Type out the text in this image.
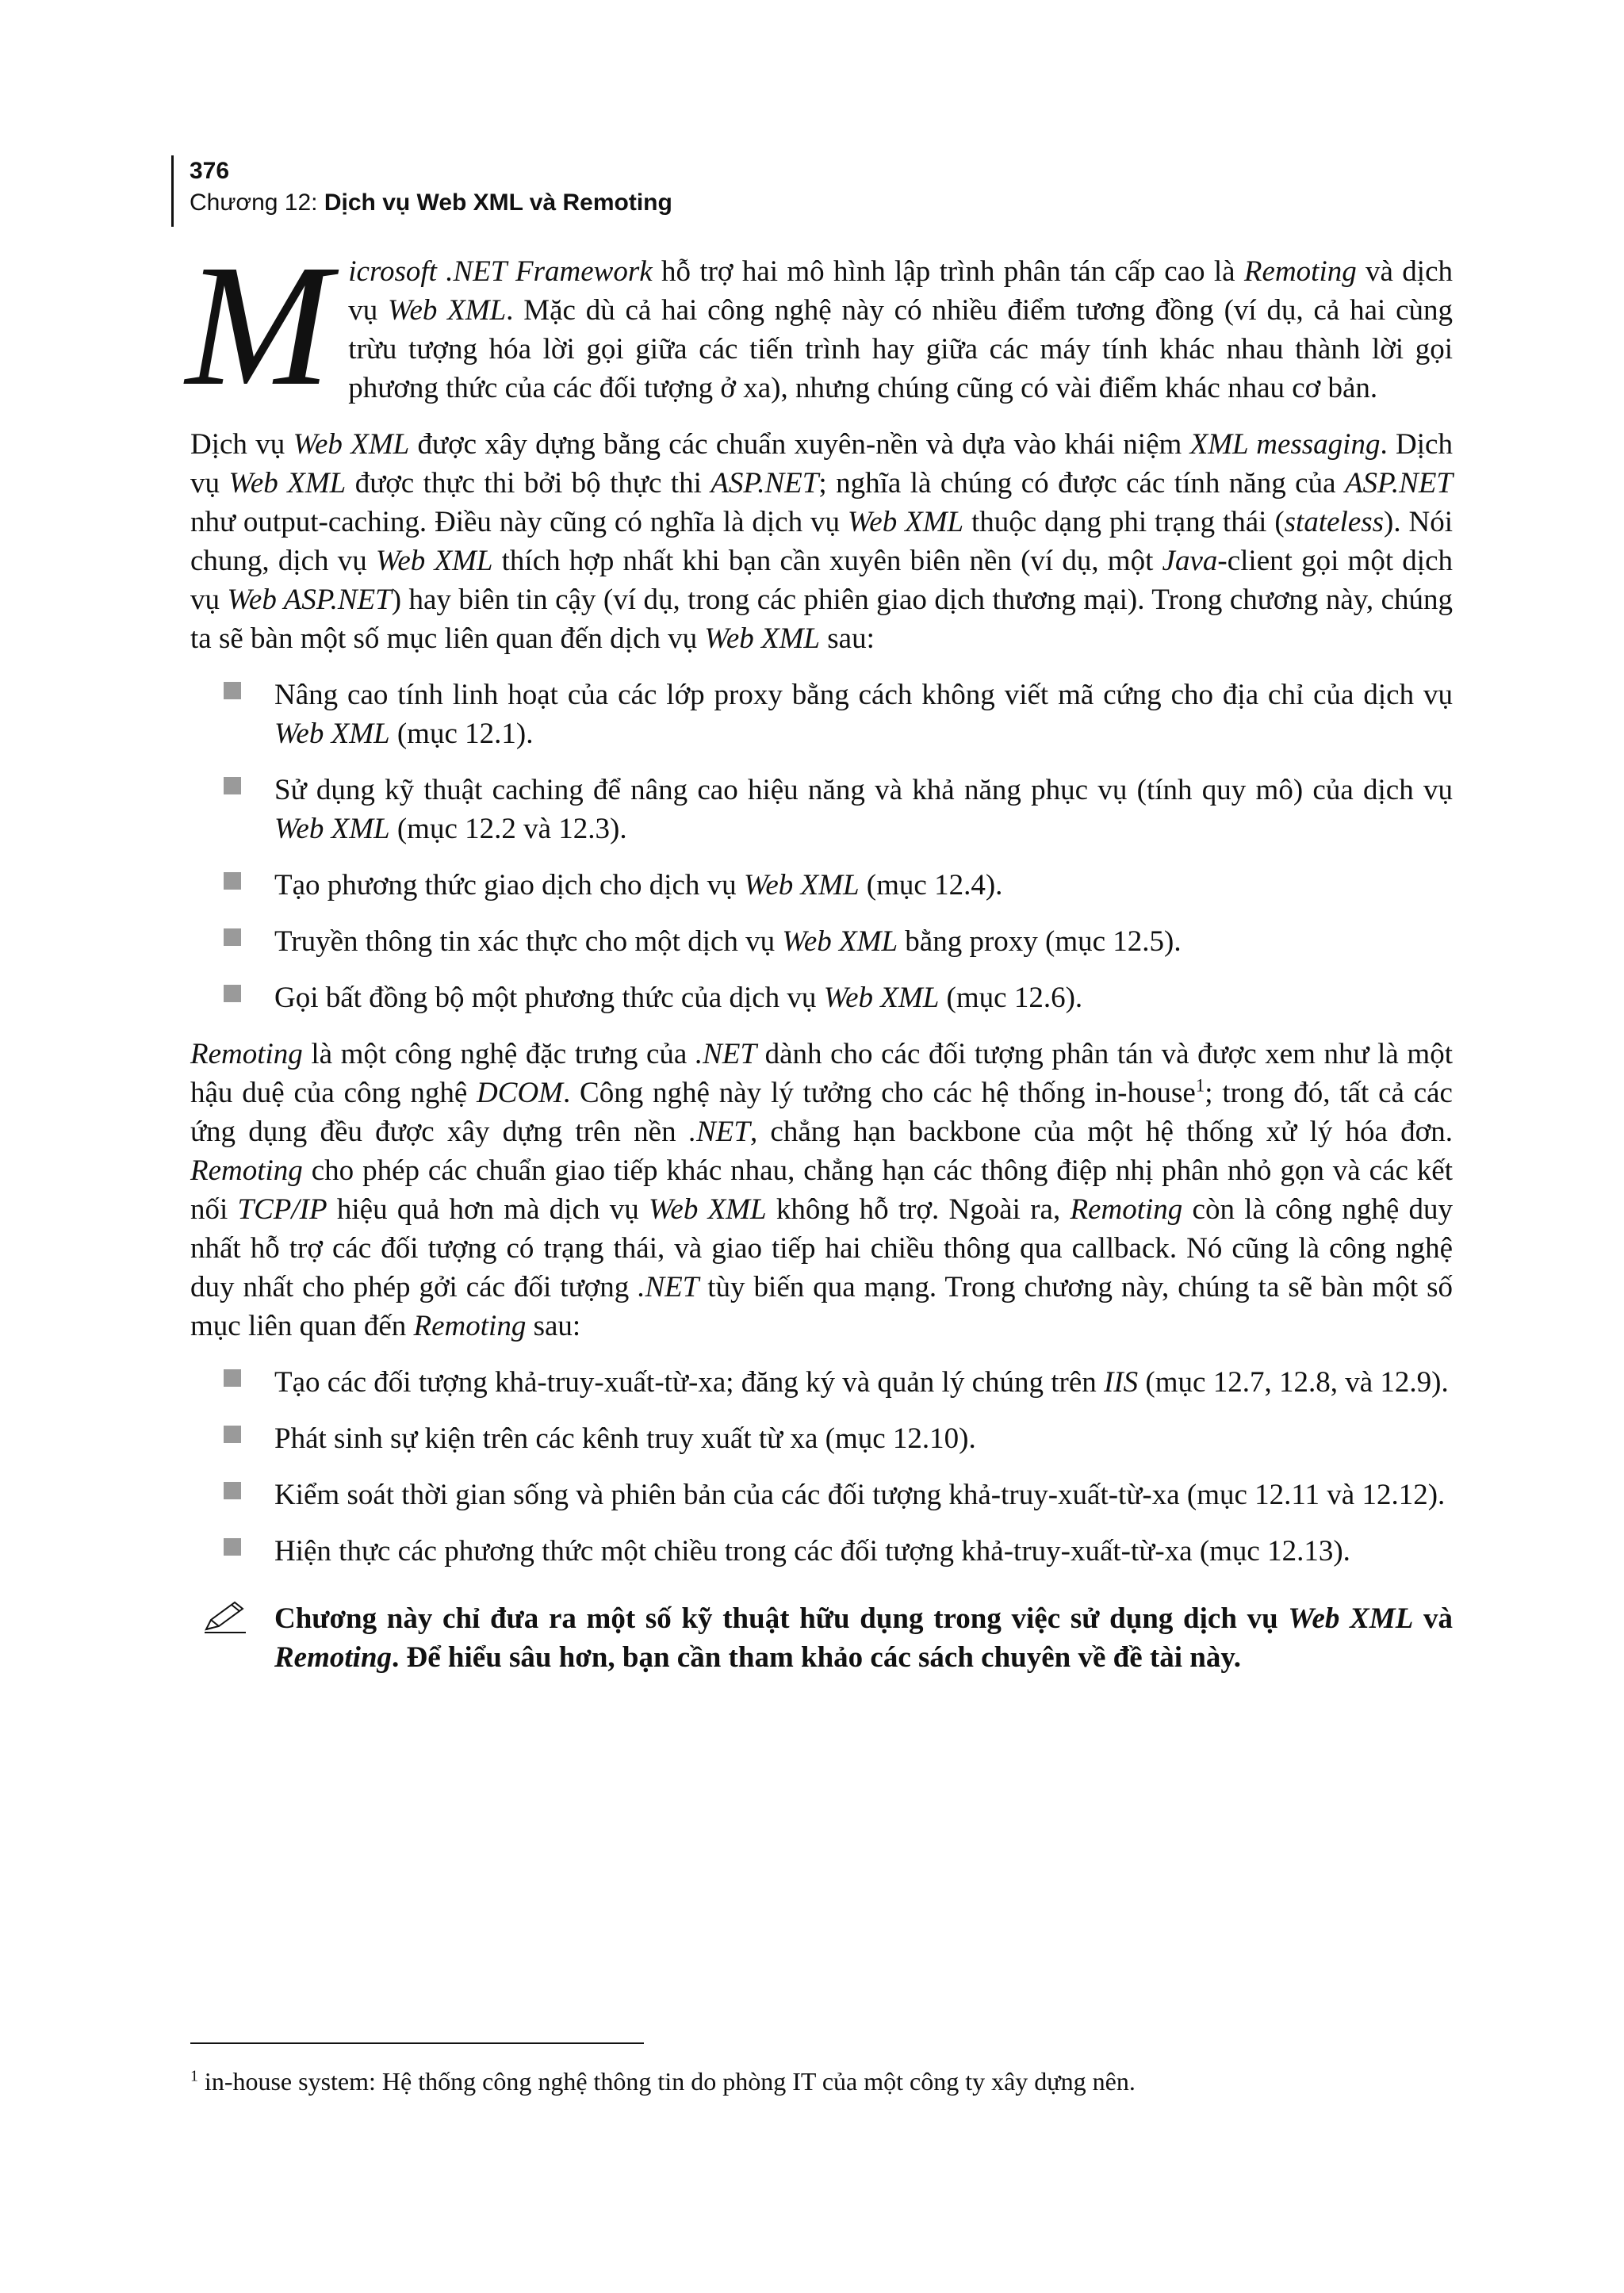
376
Chương 12: Dịch vụ Web XML và Remoting

Microsoft .NET Framework hỗ trợ hai mô hình lập trình phân tán cấp cao là Remoting và dịch vụ Web XML. Mặc dù cả hai công nghệ này có nhiều điểm tương đồng (ví dụ, cả hai cùng trừu tượng hóa lời gọi giữa các tiến trình hay giữa các máy tính khác nhau thành lời gọi phương thức của các đối tượng ở xa), nhưng chúng cũng có vài điểm khác nhau cơ bản.

Dịch vụ Web XML được xây dựng bằng các chuẩn xuyên-nền và dựa vào khái niệm XML messaging. Dịch vụ Web XML được thực thi bởi bộ thực thi ASP.NET; nghĩa là chúng có được các tính năng của ASP.NET như output-caching. Điều này cũng có nghĩa là dịch vụ Web XML thuộc dạng phi trạng thái (stateless). Nói chung, dịch vụ Web XML thích hợp nhất khi bạn cần xuyên biên nền (ví dụ, một Java-client gọi một dịch vụ Web ASP.NET) hay biên tin cậy (ví dụ, trong các phiên giao dịch thương mại). Trong chương này, chúng ta sẽ bàn một số mục liên quan đến dịch vụ Web XML sau:

Nâng cao tính linh hoạt của các lớp proxy bằng cách không viết mã cứng cho địa chỉ của dịch vụ Web XML (mục 12.1).
Sử dụng kỹ thuật caching để nâng cao hiệu năng và khả năng phục vụ (tính quy mô) của dịch vụ Web XML (mục 12.2 và 12.3).
Tạo phương thức giao dịch cho dịch vụ Web XML (mục 12.4).
Truyền thông tin xác thực cho một dịch vụ Web XML bằng proxy (mục 12.5).
Gọi bất đồng bộ một phương thức của dịch vụ Web XML (mục 12.6).

Remoting là một công nghệ đặc trưng của .NET dành cho các đối tượng phân tán và được xem như là một hậu duệ của công nghệ DCOM. Công nghệ này lý tưởng cho các hệ thống in-house$^1$; trong đó, tất cả các ứng dụng đều được xây dựng trên nền .NET, chẳng hạn backbone của một hệ thống xử lý hóa đơn. Remoting cho phép các chuẩn giao tiếp khác nhau, chẳng hạn các thông điệp nhị phân nhỏ gọn và các kết nối TCP/IP hiệu quả hơn mà dịch vụ Web XML không hỗ trợ. Ngoài ra, Remoting còn là công nghệ duy nhất hỗ trợ các đối tượng có trạng thái, và giao tiếp hai chiều thông qua callback. Nó cũng là công nghệ duy nhất cho phép gởi các đối tượng .NET tùy biến qua mạng. Trong chương này, chúng ta sẽ bàn một số mục liên quan đến Remoting sau:

Tạo các đối tượng khả-truy-xuất-từ-xa; đăng ký và quản lý chúng trên IIS (mục 12.7, 12.8, và 12.9).
Phát sinh sự kiện trên các kênh truy xuất từ xa (mục 12.10).
Kiểm soát thời gian sống và phiên bản của các đối tượng khả-truy-xuất-từ-xa (mục 12.11 và 12.12).
Hiện thực các phương thức một chiều trong các đối tượng khả-truy-xuất-từ-xa (mục 12.13).
Chương này chỉ đưa ra một số kỹ thuật hữu dụng trong việc sử dụng dịch vụ Web XML và Remoting. Để hiểu sâu hơn, bạn cần tham khảo các sách chuyên về đề tài này.
$^1$ in-house system: Hệ thống công nghệ thông tin do phòng IT của một công ty xây dựng nên.
